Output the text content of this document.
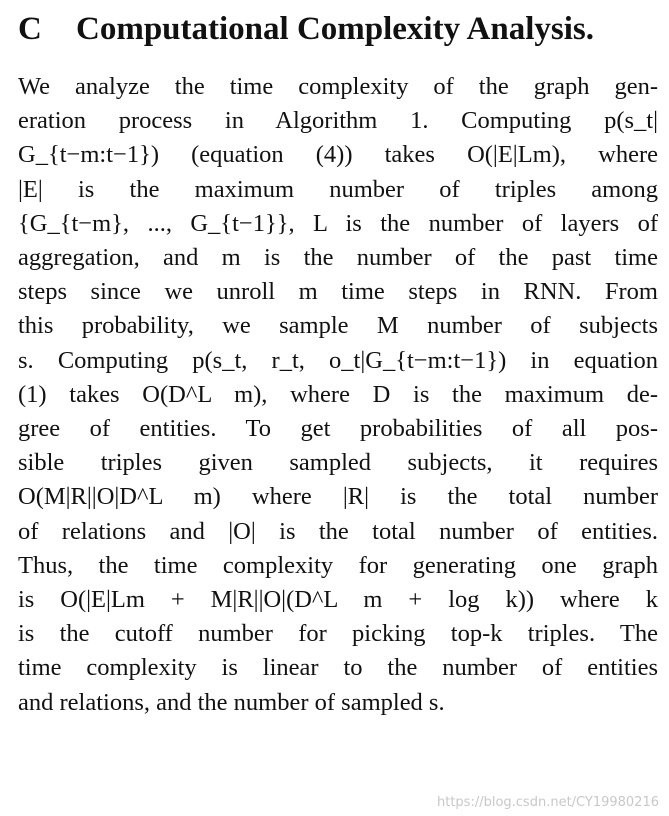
C	Computational Complexity Analysis.
We analyze the time complexity of the graph gen-
eration process in Algorithm 1. Computing p(s_t|
G_{t−m:t−1}) (equation (4)) takes O(|E|Lm), where
|E| is the maximum number of triples among
{G_{t−m}, ..., G_{t−1}}, L is the number of layers of
aggregation, and m is the number of the past time
steps since we unroll m time steps in RNN. From
this probability, we sample M number of subjects
s. Computing p(s_t, r_t, o_t|G_{t−m:t−1}) in equation
(1) takes O(D^L m), where D is the maximum de-
gree of entities. To get probabilities of all pos-
sible triples given sampled subjects, it requires
O(M|R||O|D^L m) where |R| is the total number
of relations and |O| is the total number of entities.
Thus, the time complexity for generating one graph
is O(|E|Lm + M|R||O|(D^L m + log k)) where k
is the cutoff number for picking top-k triples. The
time complexity is linear to the number of entities
and relations, and the number of sampled s.
https://blog.csdn.net/CY19980216
